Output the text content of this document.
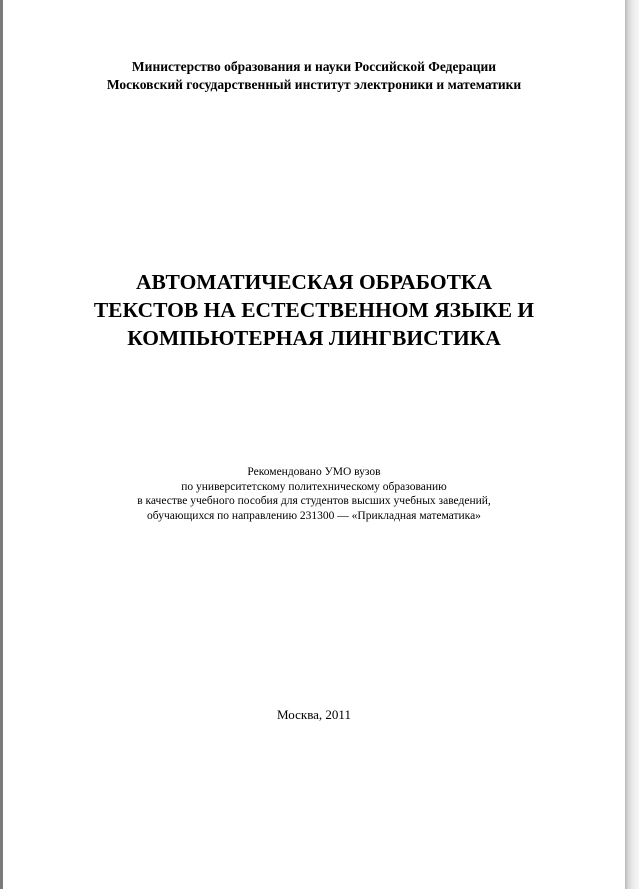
Министерство образования и науки Российской Федерации
Московский государственный институт электроники и математики
АВТОМАТИЧЕСКАЯ ОБРАБОТКА
ТЕКСТОВ НА ЕСТЕСТВЕННОМ ЯЗЫКЕ И
КОМПЬЮТЕРНАЯ ЛИНГВИСТИКА
Рекомендовано УМО вузов
по университетскому политехническому образованию
в качестве учебного пособия для студентов высших учебных заведений,
обучающихся по направлению 231300 — «Прикладная математика»
Москва, 2011
